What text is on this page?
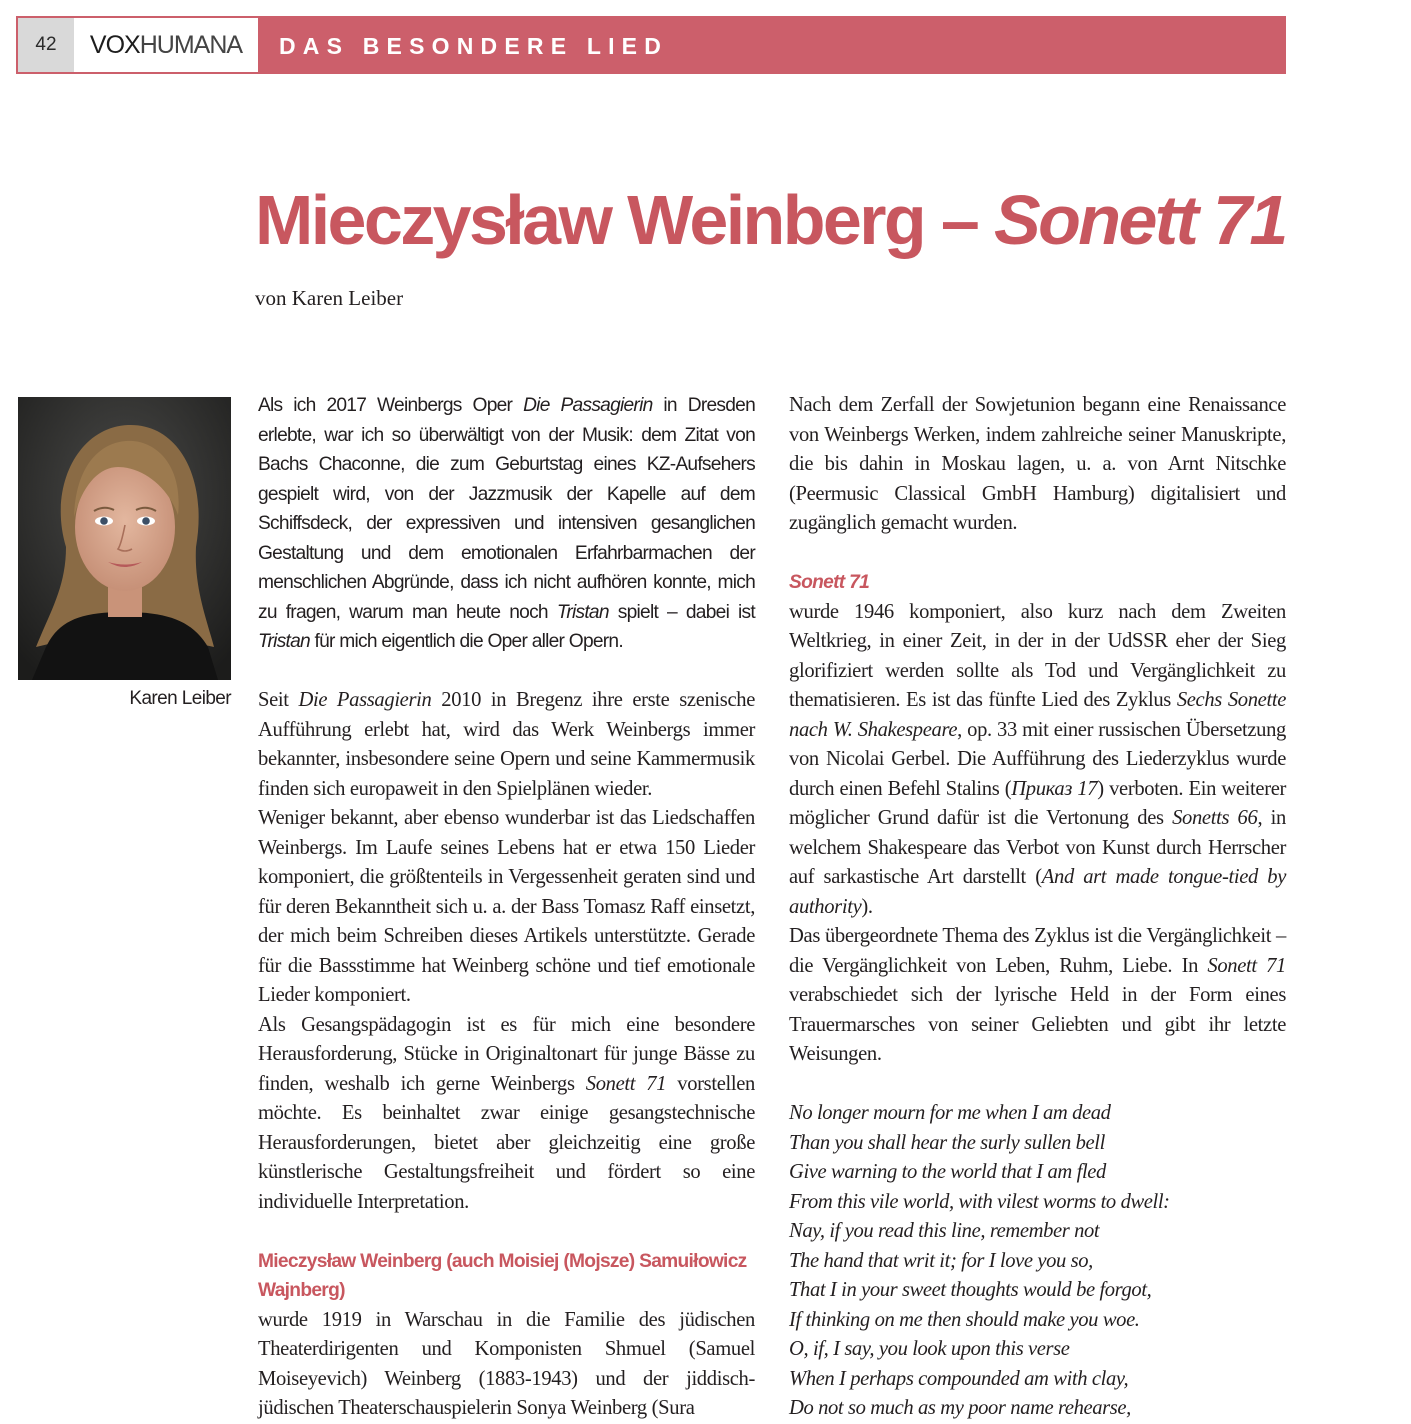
42	VOXHUMANA	DAS BESONDERE LIED
Mieczysław Weinberg – Sonett 71
von Karen Leiber
Karen Leiber

Als ich 2017 Weinbergs Oper Die Passagierin in Dresden erlebte, war ich so überwältigt von der Musik: dem Zitat von Bachs Chaconne, die zum Geburtstag eines KZ-Aufsehers gespielt wird, von der Jazzmusik der Kapelle auf dem Schiffsdeck, der expressiven und intensiven gesanglichen Gestaltung und dem emotionalen Erfahrbarmachen der menschlichen Abgründe, dass ich nicht aufhören konnte, mich zu fragen, warum man heute noch Tristan spielt – dabei ist Tristan für mich eigentlich die Oper aller Opern.

Seit Die Passagierin 2010 in Bregenz ihre erste szenische Aufführung erlebt hat, wird das Werk Weinbergs immer bekannter, insbesondere seine Opern und seine Kammermusik finden sich europaweit in den Spielplänen wieder.

Weniger bekannt, aber ebenso wunderbar ist das Liedschaffen Weinbergs. Im Laufe seines Lebens hat er etwa 150 Lieder komponiert, die größtenteils in Vergessenheit geraten sind und für deren Bekanntheit sich u. a. der Bass Tomasz Raff einsetzt, der mich beim Schreiben dieses Artikels unterstützte. Gerade für die Bassstimme hat Weinberg schöne und tief emotionale Lieder komponiert.

Als Gesangspädagogin ist es für mich eine besondere Herausforderung, Stücke in Originaltonart für junge Bässe zu finden, weshalb ich gerne Weinbergs Sonett 71 vorstellen möchte. Es beinhaltet zwar einige gesangstechnische Herausforderungen, bietet aber gleichzeitig eine große künstlerische Gestaltungsfreiheit und fördert so eine individuelle Interpretation.

Mieczysław Weinberg (auch Moisiej (Mojsze) Samuiłowicz Wajnberg)

wurde 1919 in Warschau in die Familie des jüdischen Theaterdirigenten und Komponisten Shmuel (Samuel Moiseyevich) Weinberg (1883-1943) und der jiddisch-jüdischen Theaterschauspielerin Sonya Weinberg (Sura

Nach dem Zerfall der Sowjetunion begann eine Renaissance von Weinbergs Werken, indem zahlreiche seiner Manuskripte, die bis dahin in Moskau lagen, u. a. von Arnt Nitschke (Peermusic Classical GmbH Hamburg) digitalisiert und zugänglich gemacht wurden.

Sonett 71

wurde 1946 komponiert, also kurz nach dem Zweiten Weltkrieg, in einer Zeit, in der in der UdSSR eher der Sieg glorifiziert werden sollte als Tod und Vergänglichkeit zu thematisieren. Es ist das fünfte Lied des Zyklus Sechs Sonette nach W. Shakespeare, op. 33 mit einer russischen Übersetzung von Nicolai Gerbel. Die Aufführung des Liederzyklus wurde durch einen Befehl Stalins (Приказ 17) verboten. Ein weiterer möglicher Grund dafür ist die Vertonung des Sonetts 66, in welchem Shakespeare das Verbot von Kunst durch Herrscher auf sarkastische Art darstellt (And art made tongue-tied by authority).

Das übergeordnete Thema des Zyklus ist die Vergänglichkeit – die Vergänglichkeit von Leben, Ruhm, Liebe. In Sonett 71 verabschiedet sich der lyrische Held in der Form eines Trauermarsches von seiner Geliebten und gibt ihr letzte Weisungen.

No longer mourn for me when I am dead

Than you shall hear the surly sullen bell

Give warning to the world that I am fled

From this vile world, with vilest worms to dwell:

Nay, if you read this line, remember not

The hand that writ it; for I love you so,

That I in your sweet thoughts would be forgot,

If thinking on me then should make you woe.

O, if, I say, you look upon this verse

When I perhaps compounded am with clay,

Do not so much as my poor name rehearse,
